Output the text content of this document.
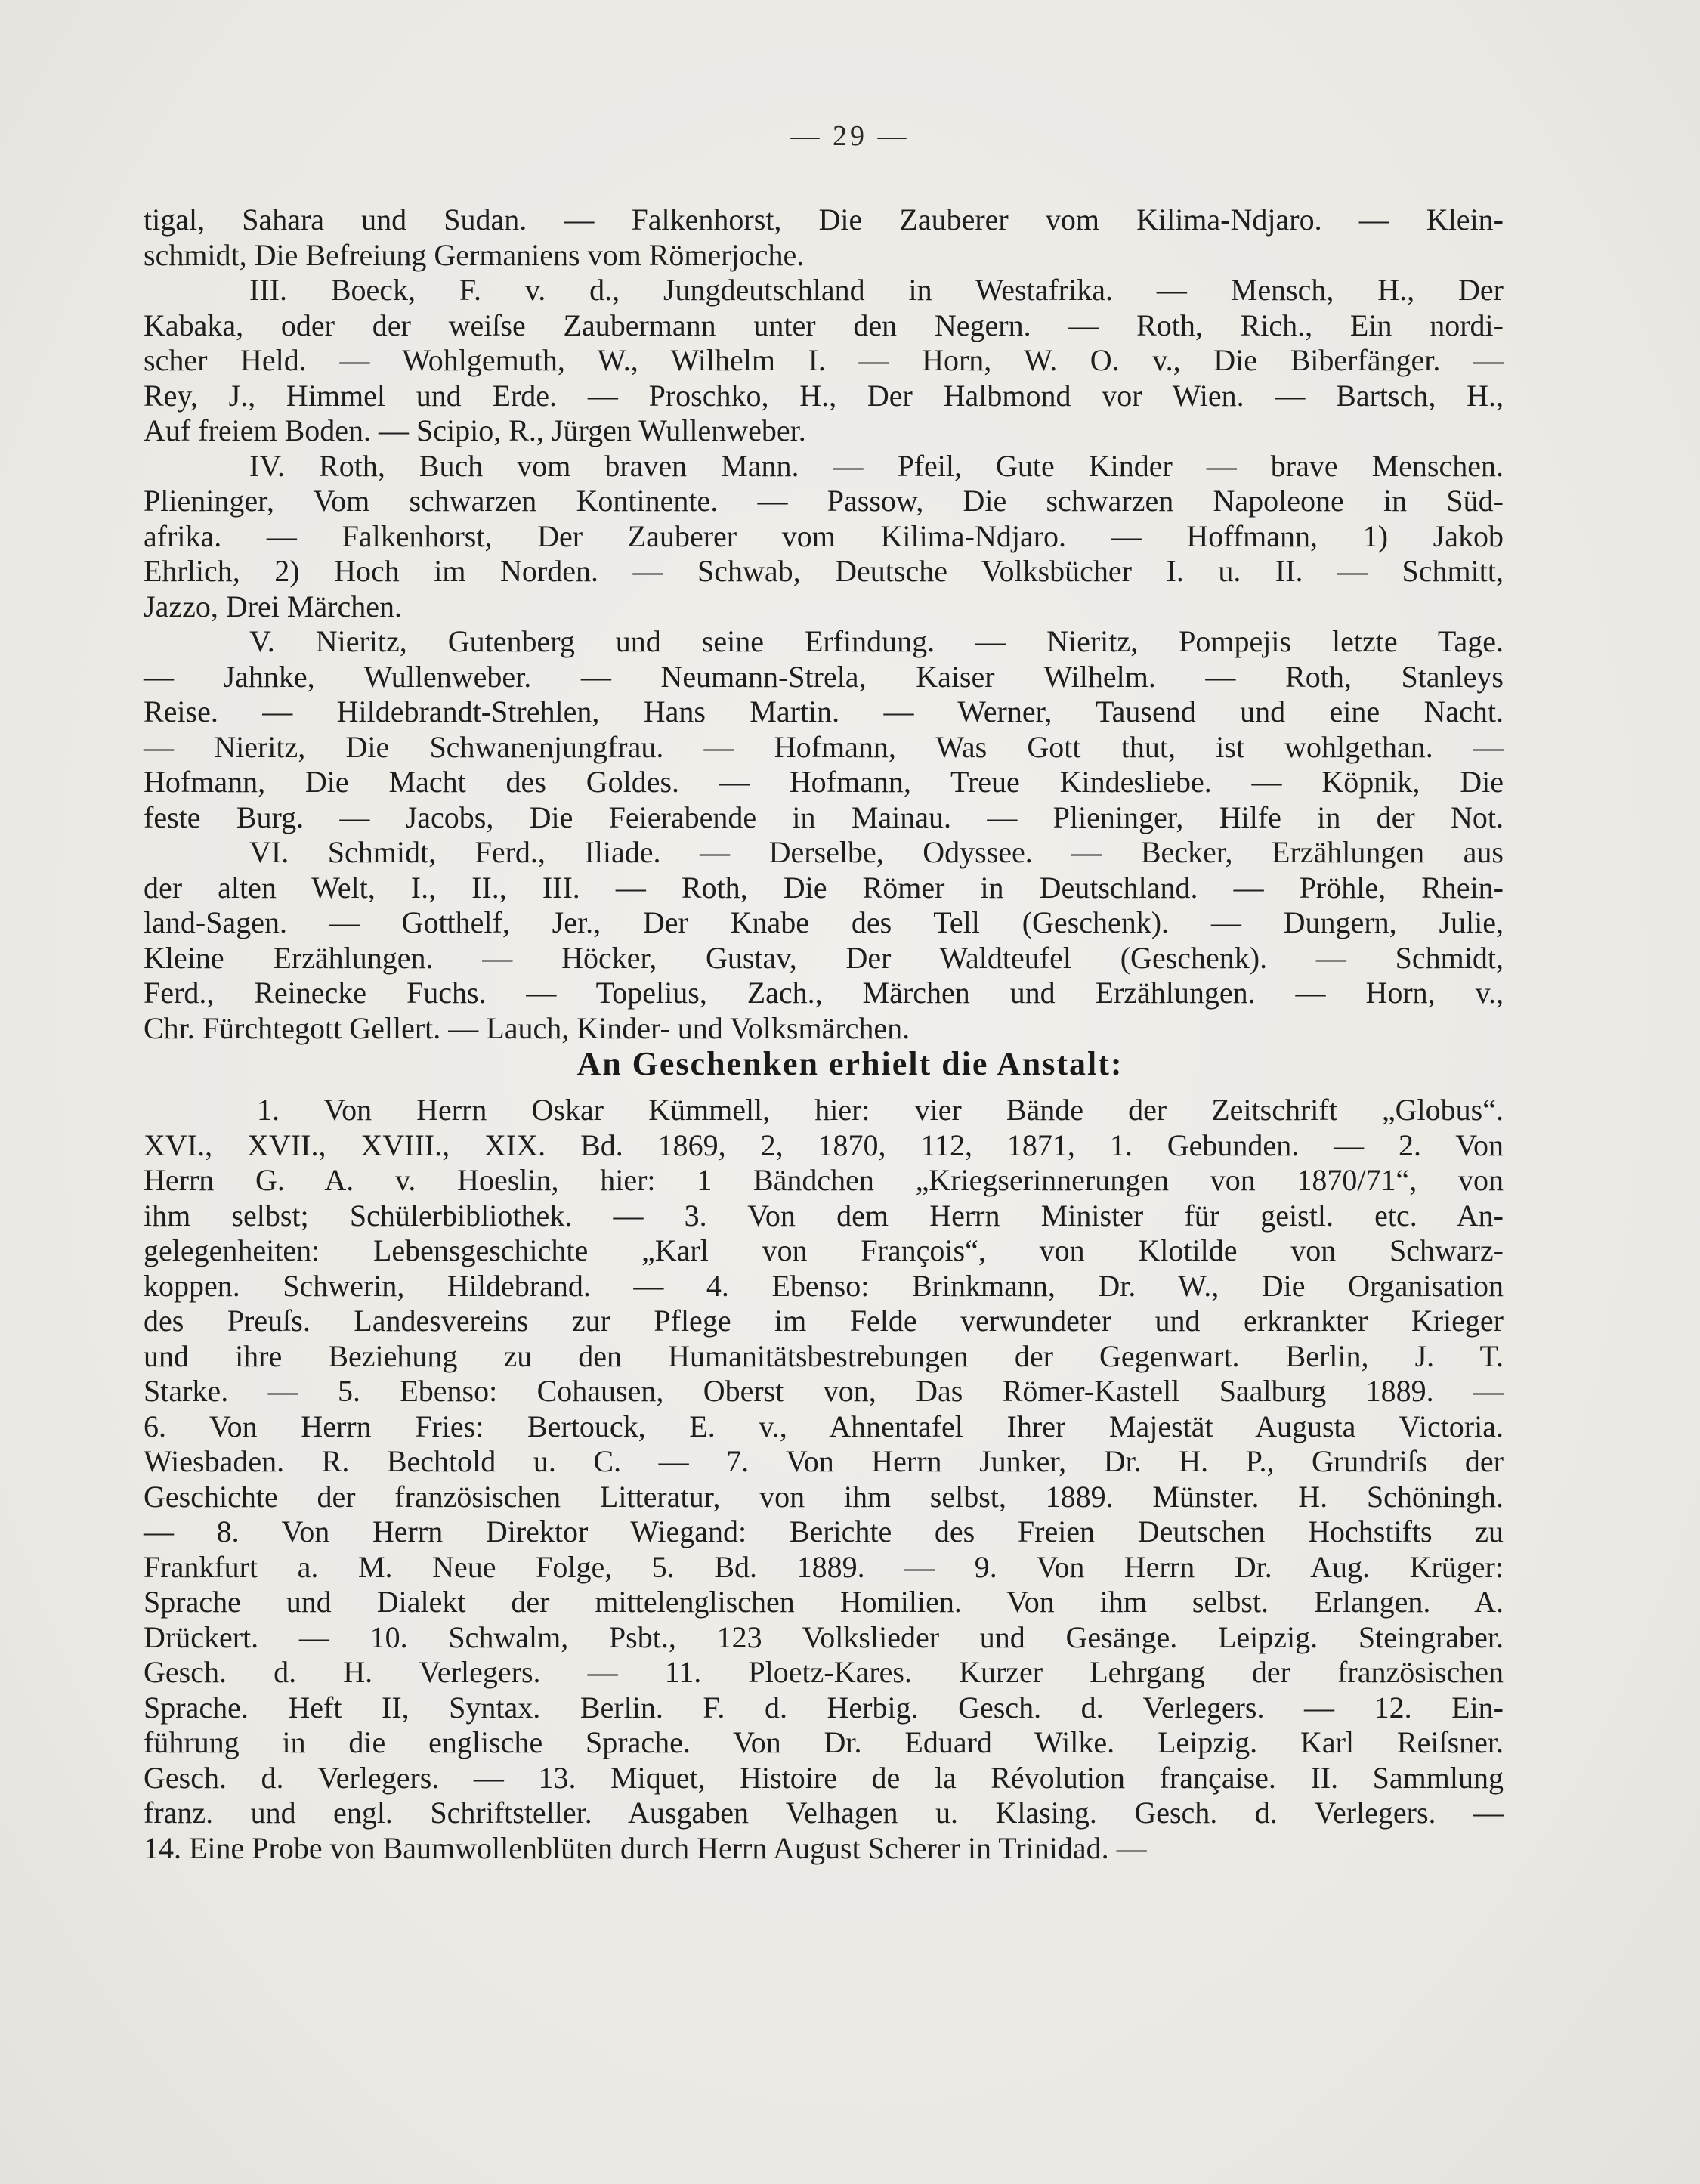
— 29 —

tigal, Sahara und Sudan. — Falkenhorst, Die Zauberer vom Kilima-Ndjaro. — Klein-

schmidt, Die Befreiung Germaniens vom Römerjoche.

III. Boeck, F. v. d., Jungdeutschland in Westafrika. — Mensch, H., Der

Kabaka, oder der weiſse Zaubermann unter den Negern. — Roth, Rich., Ein nordi-

scher Held. — Wohlgemuth, W., Wilhelm I. — Horn, W. O. v., Die Biberfänger. —

Rey, J., Himmel und Erde. — Proschko, H., Der Halbmond vor Wien. — Bartsch, H.,

Auf freiem Boden. — Scipio, R., Jürgen Wullenweber.

IV. Roth, Buch vom braven Mann. — Pfeil, Gute Kinder — brave Menschen.

Plieninger, Vom schwarzen Kontinente. — Passow, Die schwarzen Napoleone in Süd-

afrika. — Falkenhorst, Der Zauberer vom Kilima-Ndjaro. — Hoffmann, 1) Jakob

Ehrlich, 2) Hoch im Norden. — Schwab, Deutsche Volksbücher I. u. II. — Schmitt,

Jazzo, Drei Märchen.

V. Nieritz, Gutenberg und seine Erfindung. — Nieritz, Pompejis letzte Tage.

— Jahnke, Wullenweber. — Neumann-Strela, Kaiser Wilhelm. — Roth, Stanleys

Reise. — Hildebrandt-Strehlen, Hans Martin. — Werner, Tausend und eine Nacht.

— Nieritz, Die Schwanenjungfrau. — Hofmann, Was Gott thut, ist wohlgethan. —

Hofmann, Die Macht des Goldes. — Hofmann, Treue Kindesliebe. — Köpnik, Die

feste Burg. — Jacobs, Die Feierabende in Mainau. — Plieninger, Hilfe in der Not.

VI. Schmidt, Ferd., Iliade. — Derselbe, Odyssee. — Becker, Erzählungen aus

der alten Welt, I., II., III. — Roth, Die Römer in Deutschland. — Pröhle, Rhein-

land-Sagen. — Gotthelf, Jer., Der Knabe des Tell (Geschenk). — Dungern, Julie,

Kleine Erzählungen. — Höcker, Gustav, Der Waldteufel (Geschenk). — Schmidt,

Ferd., Reinecke Fuchs. — Topelius, Zach., Märchen und Erzählungen. — Horn, v.,

Chr. Fürchtegott Gellert. — Lauch, Kinder- und Volksmärchen.

An Geschenken erhielt die Anstalt:

1. Von Herrn Oskar Kümmell, hier: vier Bände der Zeitschrift „Globus“.

XVI., XVII., XVIII., XIX. Bd. 1869, 2, 1870, 112, 1871, 1. Gebunden. — 2. Von

Herrn G. A. v. Hoeslin, hier: 1 Bändchen „Kriegserinnerungen von 1870/71“, von

ihm selbst; Schülerbibliothek. — 3. Von dem Herrn Minister für geistl. etc. An-

gelegenheiten: Lebensgeschichte „Karl von François“, von Klotilde von Schwarz-

koppen. Schwerin, Hildebrand. — 4. Ebenso: Brinkmann, Dr. W., Die Organisation

des Preuſs. Landesvereins zur Pflege im Felde verwundeter und erkrankter Krieger

und ihre Beziehung zu den Humanitätsbestrebungen der Gegenwart. Berlin, J. T.

Starke. — 5. Ebenso: Cohausen, Oberst von, Das Römer-Kastell Saalburg 1889. —

6. Von Herrn Fries: Bertouck, E. v., Ahnentafel Ihrer Majestät Augusta Victoria.

Wiesbaden. R. Bechtold u. C. — 7. Von Herrn Junker, Dr. H. P., Grundriſs der

Geschichte der französischen Litteratur, von ihm selbst, 1889. Münster. H. Schöningh.

— 8. Von Herrn Direktor Wiegand: Berichte des Freien Deutschen Hochstifts zu

Frankfurt a. M. Neue Folge, 5. Bd. 1889. — 9. Von Herrn Dr. Aug. Krüger:

Sprache und Dialekt der mittelenglischen Homilien. Von ihm selbst. Erlangen. A.

Drückert. — 10. Schwalm, Psbt., 123 Volkslieder und Gesänge. Leipzig. Steingraber.

Gesch. d. H. Verlegers. — 11. Ploetz-Kares. Kurzer Lehrgang der französischen

Sprache. Heft II, Syntax. Berlin. F. d. Herbig. Gesch. d. Verlegers. — 12. Ein-

führung in die englische Sprache. Von Dr. Eduard Wilke. Leipzig. Karl Reiſsner.

Gesch. d. Verlegers. — 13. Miquet, Histoire de la Révolution française. II. Sammlung

franz. und engl. Schriftsteller. Ausgaben Velhagen u. Klasing. Gesch. d. Verlegers. —

14. Eine Probe von Baumwollenblüten durch Herrn August Scherer in Trinidad. —
